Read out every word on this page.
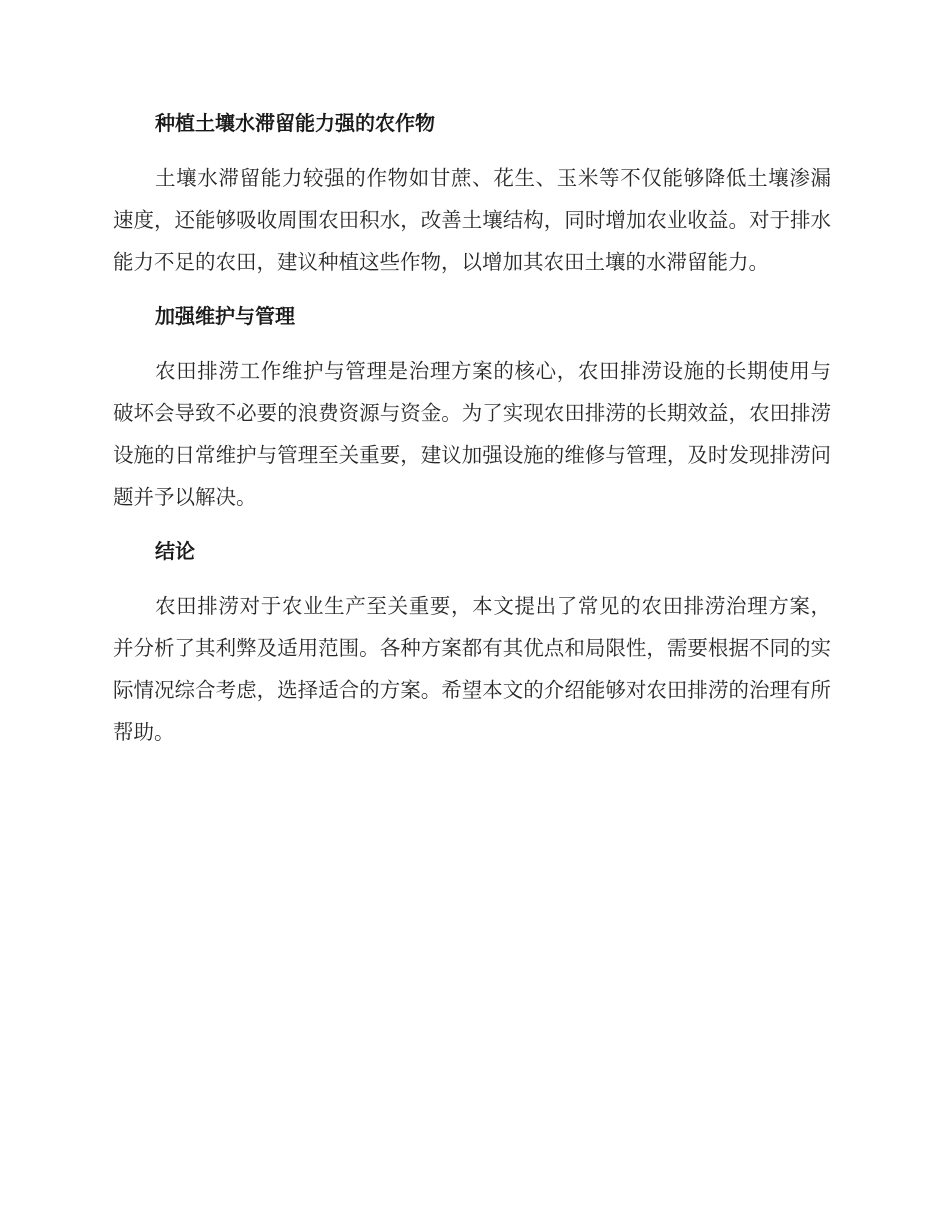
种植土壤水滞留能力强的农作物

土壤水滞留能力较强的作物如甘蔗、花生、玉米等不仅能够降低土壤渗漏速度，还能够吸收周围农田积水，改善土壤结构，同时增加农业收益。对于排水能力不足的农田，建议种植这些作物，以增加其农田土壤的水滞留能力。

加强维护与管理

农田排涝工作维护与管理是治理方案的核心，农田排涝设施的长期使用与破坏会导致不必要的浪费资源与资金。为了实现农田排涝的长期效益，农田排涝设施的日常维护与管理至关重要，建议加强设施的维修与管理，及时发现排涝问题并予以解决。

结论

农田排涝对于农业生产至关重要，本文提出了常见的农田排涝治理方案，并分析了其利弊及适用范围。各种方案都有其优点和局限性，需要根据不同的实际情况综合考虑，选择适合的方案。希望本文的介绍能够对农田排涝的治理有所帮助。
